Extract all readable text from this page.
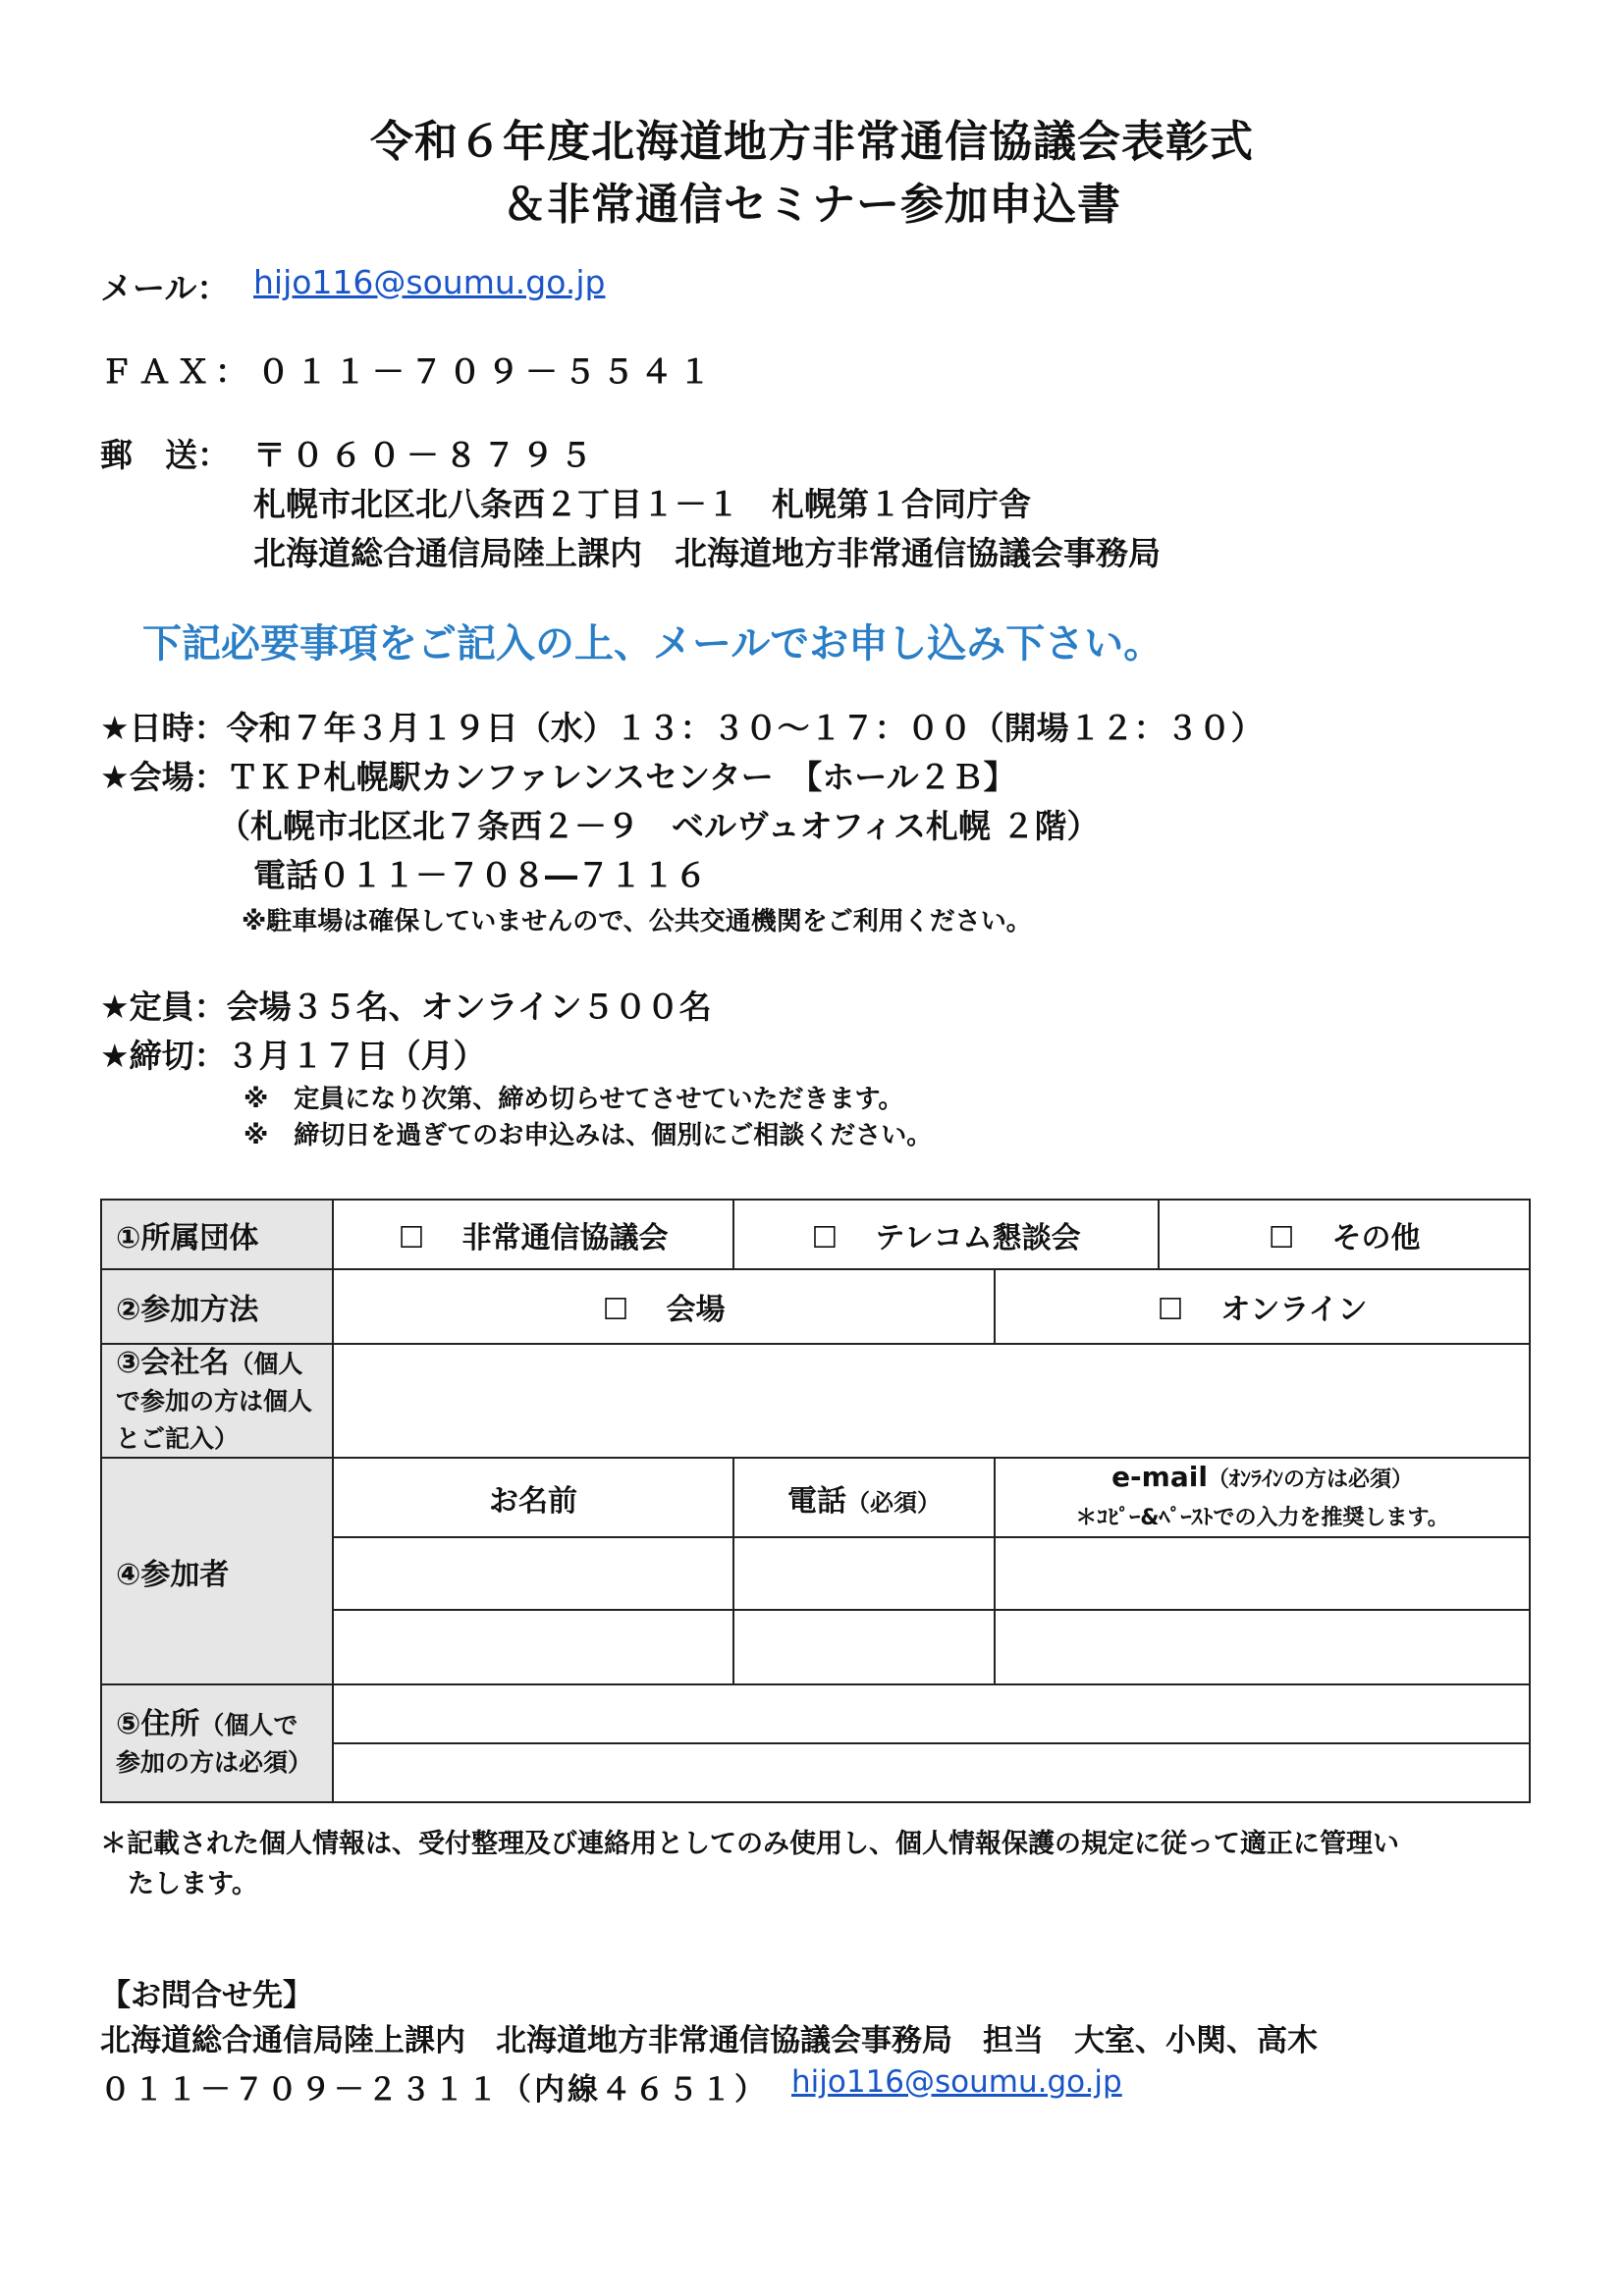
令和６年度北海道地方非常通信協議会表彰式
＆非常通信セミナー参加申込書
メール： hijo116@soumu.go.jp
ＦＡＸ： ０１１－７０９－５５４１
郵　送： 〒０６０－８７９５
札幌市北区北八条西２丁目１－１　札幌第１合同庁舎
北海道総合通信局陸上課内　北海道地方非常通信協議会事務局
下記必要事項をご記入の上、メールでお申し込み下さい。
★日時：令和７年３月１９日（水）１３：３０～１７：００（開場１２：３０）
★会場：ＴＫＰ札幌駅カンファレンスセンター　【ホール２Ｂ】
（札幌市北区北７条西２－９　ベルヴュオフィス札幌 ２階）
電話０１１－７０８―７１１６
※駐車場は確保していませんので、公共交通機関をご利用ください。
★定員：会場３５名、オンライン５００名
★締切：３月１７日（月）
※　定員になり次第、締め切らせてさせていただきます。
※　締切日を過ぎてのお申込みは、個別にご相談ください。
①所属団体	☐ 非常通信協議会	☐ テレコム懇談会		☐ その他
②参加方法	☐ 会場		☐ オンライン	
③会社名（個人
で参加の方は個人とご記入）				
④参加者	お名前	電話（必須）	e-mail（ｵﾝﾗｲﾝの方は必須）
＊ｺﾋﾟｰ&ﾍﾟｰｽﾄでの入力を推奨します。	

⑤住所（個人で
参加の方は必須）				

＊記載された個人情報は、受付整理及び連絡用としてのみ使用し、個人情報保護の規定に従って適正に管理い
たします。
【お問合せ先】
北海道総合通信局陸上課内　北海道地方非常通信協議会事務局　担当　大室、小関、高木
０１１－７０９－２３１１（内線４６５１） hijo116@soumu.go.jp
